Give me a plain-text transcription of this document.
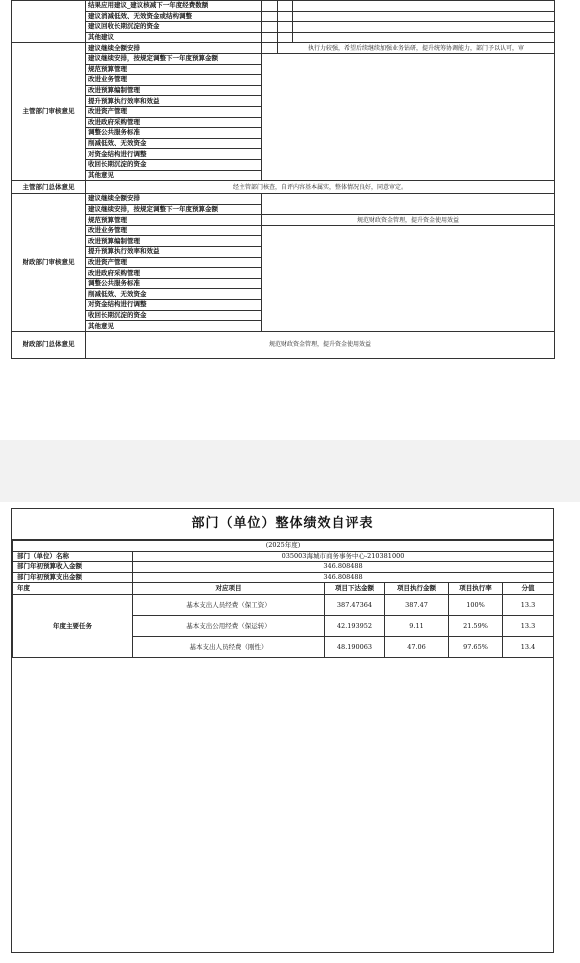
	结果应用建议_建议核减下一年度经费数额			
	建议消减低效、无效资金或结构调整			
	建议回收长期沉淀的资金			
	其他建议			
主管部门审核意见	建议继续全额安排		执行力较强，希望后续继续加强业务钻研，提升统筹协调能力，部门予以认可，审	
	建议继续安排，按规定调整下一年度预算金额			
	规范预算管理			
	改进业务管理			
	改进预算编制管理			
	提升预算执行效率和效益			
	改进资产管理			
	改进政府采购管理			
	调整公共服务标准			
	削减低效、无效资金			
	对资金结构进行调整			
	收回长期沉淀的资金			
	其他意见			
主管部门总体意见	经主管部门核查，自评内容基本属实，整体情况良好，同意审定。			
财政部门审核意见	建议继续全额安排			
	建议继续安排，按规定调整下一年度预算金额			
	规范预算管理	规范财政资金管理，提升资金使用效益		
	改进业务管理			
	改进预算编制管理			
	提升预算执行效率和效益			
	改进资产管理			
	改进政府采购管理			
	调整公共服务标准			
	削减低效、无效资金			
	对资金结构进行调整			
	收回长期沉淀的资金			
	其他意见			
财政部门总体意见	规范财政资金管理，提升资金使用效益			
部门（单位）整体绩效自评表
(2025年度)					
部门（单位）名称	035003海城市商务事务中心-210381000				
部门年初预算收入金额	346.808488				
部门年初预算支出金额	346.808488				
年度	对应项目	项目下达金额	项目执行金额	项目执行率	分值
年度主要任务	基本支出人员经费（保工资）	387.47364	387.47	100%	13.3
	基本支出公用经费（保运转）	42.193952	9.11	21.59%	13.3
	基本支出人员经费（刚性）	48.190063	47.06	97.65%	13.4
